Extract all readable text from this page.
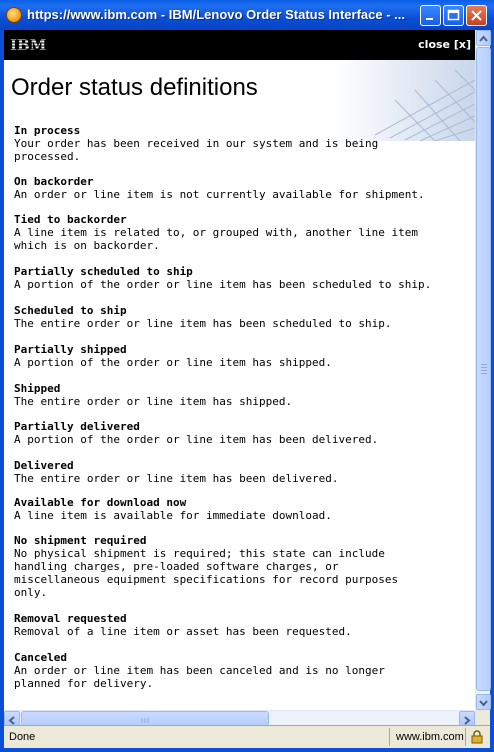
https://www.ibm.com - IBM/Lenovo Order Status Interface - ...
IBM	close [x]
Order status definitions
In process
Your order has been received in our system and is being
processed.
On backorder
An order or line item is not currently available for shipment.
Tied to backorder
A line item is related to, or grouped with, another line item
which is on backorder.
Partially scheduled to ship
A portion of the order or line item has been scheduled to ship.
Scheduled to ship
The entire order or line item has been scheduled to ship.
Partially shipped
A portion of the order or line item has shipped.
Shipped
The entire order or line item has shipped.
Partially delivered
A portion of the order or line item has been delivered.
Delivered
The entire order or line item has been delivered.
Available for download now
A line item is available for immediate download.
No shipment required
No physical shipment is required; this state can include
handling charges, pre-loaded software charges, or
miscellaneous equipment specifications for record purposes
only.
Removal requested
Removal of a line item or asset has been requested.
Canceled
An order or line item has been canceled and is no longer
planned for delivery.
Done	www.ibm.com
